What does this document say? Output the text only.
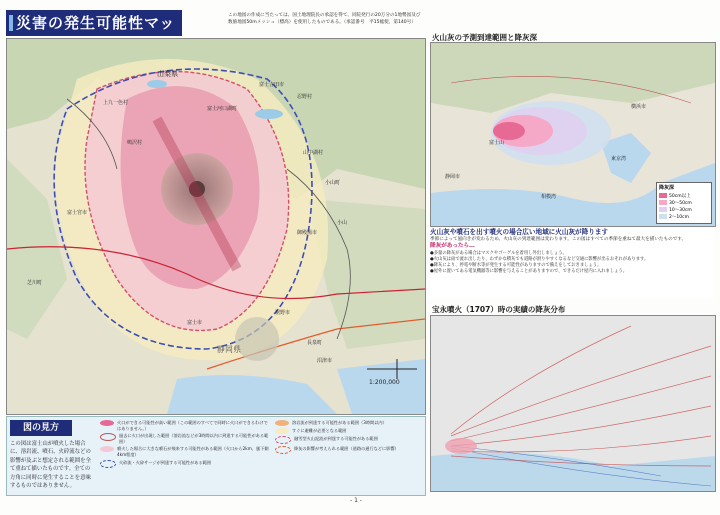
災害の発生可能性マッ	この地図の作成に当たっては、国土地理院長の承認を得て、同院発行の20万分の1地勢図及び数値地図50mメッシュ（標高）を使用したものである。（承認番号　平15総使、第140号）
山梨県
上九一色村
富士吉田市
忍野村
山中湖村
鳴沢村
富士河口湖町
小山町
御殿場市
富士宮市
富士市
裾野市
長泉町
沼津市
静岡県
芝川町
小山
1:200,000
火山灰の予測到達範囲と降灰深
横浜市
東京湾
相模湾
静岡市
富士山
降灰深
50cm以上
30〜50cm
10〜30cm
2〜10cm
火山灰や噴石を出す噴火の場合広い地域に火山灰が降ります
季節によって風向きが変わるため、火山灰の到達範囲は変わります。この図はすべての季節を重ねて最大を描いたものです。
降灰があったら…
●多量の降灰がある場合はマスクやゴーグルを着用し外出しましょう。
●火山灰は雨で流れ出したり、わずかな積灰でも道路が滑りやすくなるなど交通に影響が出るおそれがあります。
●降灰により、停電や断水等が発生する可能性がありますので備えをしておきましょう。
●屋外に置いてある電気機器等に影響を与えることがありますので、できるだけ屋内に入れましょう。
宝永噴火（1707）時の実績の降灰分布
図の見方
この図は富士山が噴火した場合に、溶岩流、噴石、火砕流などの影響が及ぶと想定される範囲を全て重ねて描いたものです。全ての方角に同時に発生することを意味するものではありません。
火口ができる可能性が高い範囲（この範囲のすべてで同時に火口ができるわけではありません。）
過去に火口が出現した範囲（溶岩流などが3時間以内に到達する可能性がある範囲）
噴火した場合に大きな噴石が飛来する可能性がある範囲（火口から2km、風下側4km程度）
火砕流・火砕サージが到達する可能性がある範囲
溶岩流が到達する可能性がある範囲（3時間以内）
すぐに避難が必要となる範囲
融雪型火山泥流が到達する可能性がある範囲
降灰の影響が考えられる範囲（道路の通行などに影響）
- 1 -
